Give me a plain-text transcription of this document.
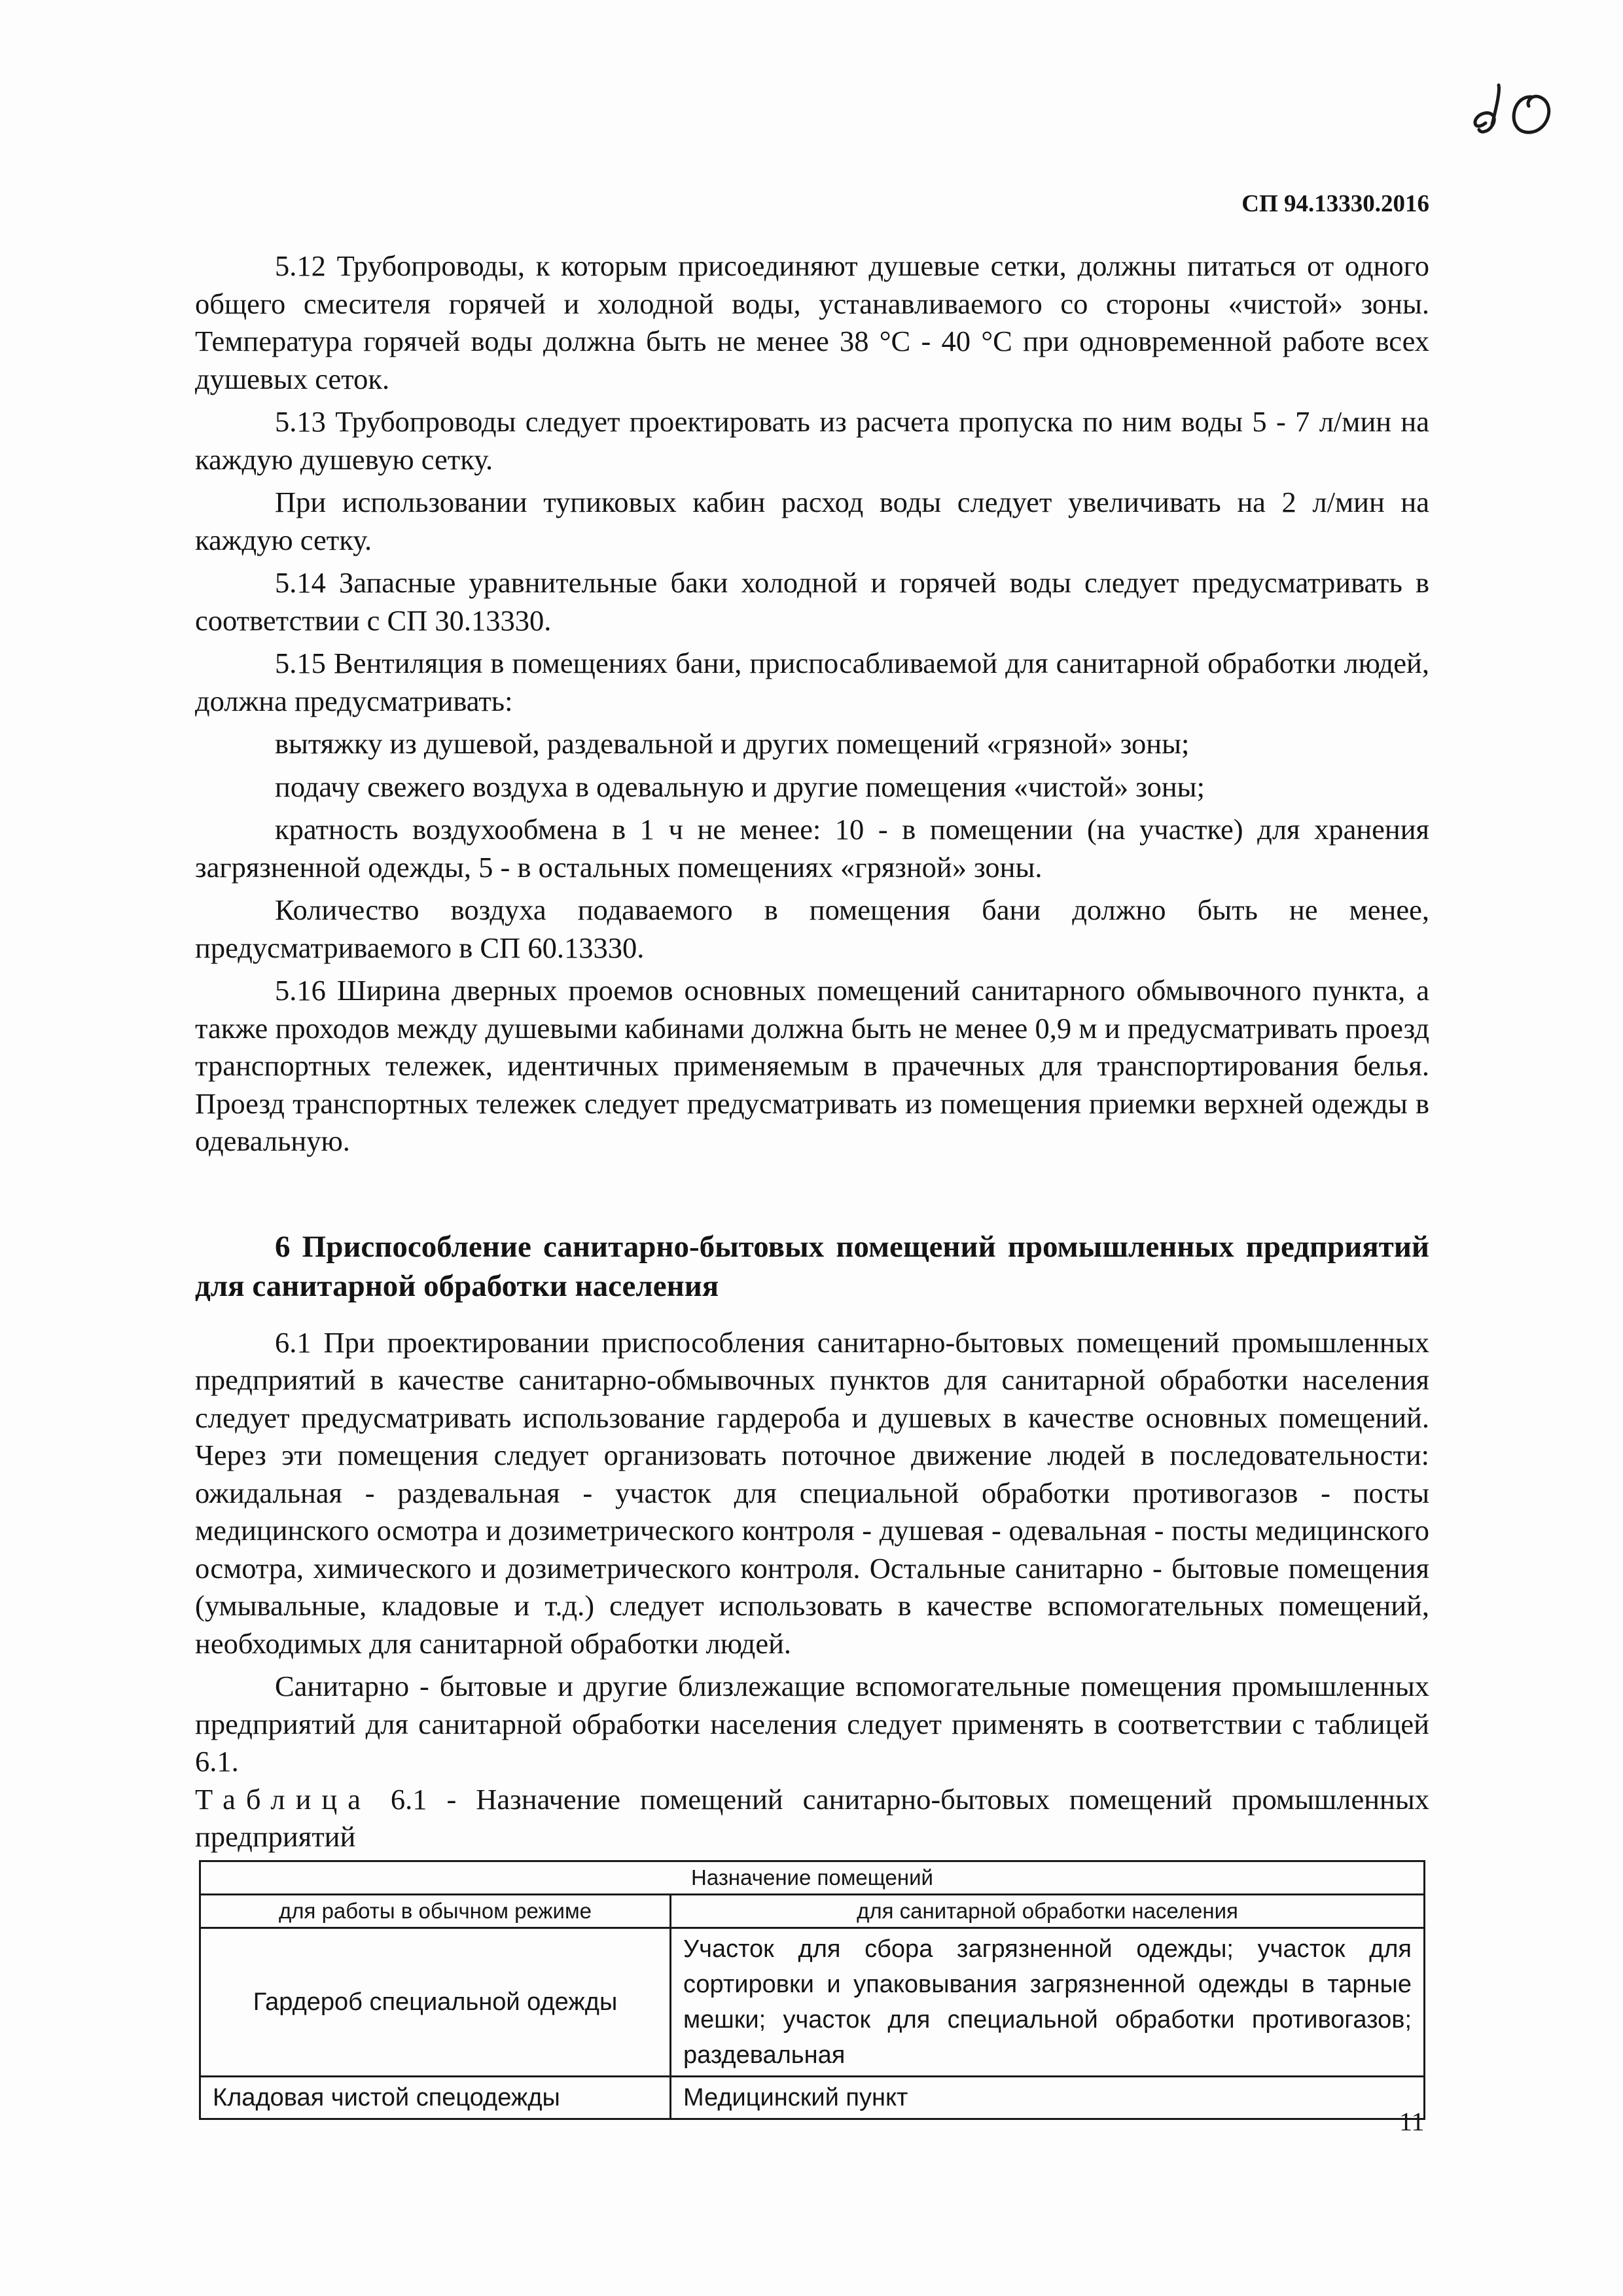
СП 94.13330.2016

5.12 Трубопроводы, к которым присоединяют душевые сетки, должны питаться от одного общего смесителя горячей и холодной воды, устанавливаемого со стороны «чистой» зоны. Температура горячей воды должна быть не менее 38 °С - 40 °С при одновременной работе всех душевых сеток.

5.13 Трубопроводы следует проектировать из расчета пропуска по ним воды 5 - 7 л/мин на каждую душевую сетку.

При использовании тупиковых кабин расход воды следует увеличивать на 2 л/мин на каждую сетку.

5.14 Запасные уравнительные баки холодной и горячей воды следует предусматривать в соответствии с СП 30.13330.

5.15 Вентиляция в помещениях бани, приспосабливаемой для санитарной обработки людей, должна предусматривать:

вытяжку из душевой, раздевальной и других помещений «грязной» зоны;

подачу свежего воздуха в одевальную и другие помещения «чистой» зоны;

кратность воздухообмена в 1 ч не менее: 10 - в помещении (на участке) для хранения загрязненной одежды, 5 - в остальных помещениях «грязной» зоны.

Количество воздуха подаваемого в помещения бани должно быть не менее, предусматриваемого в СП 60.13330.

5.16 Ширина дверных проемов основных помещений санитарного обмывочного пункта, а также проходов между душевыми кабинами должна быть не менее 0,9 м и предусматривать проезд транспортных тележек, идентичных применяемым в прачечных для транспортирования белья. Проезд транспортных тележек следует предусматривать из помещения приемки верхней одежды в одевальную.

6 Приспособление санитарно-бытовых помещений промышленных предприятий для санитарной обработки населения

6.1 При проектировании приспособления санитарно-бытовых помещений промышленных предприятий в качестве санитарно-обмывочных пунктов для санитарной обработки населения следует предусматривать использование гардероба и душевых в качестве основных помещений. Через эти помещения следует организовать поточное движение людей в последовательности: ожидальная - раздевальная - участок для специальной обработки противогазов - посты медицинского осмотра и дозиметрического контроля - душевая - одевальная - посты медицинского осмотра, химического и дозиметрического контроля. Остальные санитарно - бытовые помещения (умывальные, кладовые и т.д.) следует использовать в качестве вспомогательных помещений, необходимых для санитарной обработки людей.

Санитарно - бытовые и другие близлежащие вспомогательные помещения промышленных предприятий для санитарной обработки населения следует применять в соответствии с таблицей 6.1.

Таблица 6.1 - Назначение помещений санитарно-бытовых помещений промышленных предприятий

Назначение помещений	
для работы в обычном режиме	для санитарной обработки населения
Гардероб специальной одежды	Участок для сбора загрязненной одежды; участок для сортировки и упаковывания загрязненной одежды в тарные мешки; участок для специальной обработки противогазов; раздевальная
Кладовая чистой спецодежды	Медицинский пункт
11
